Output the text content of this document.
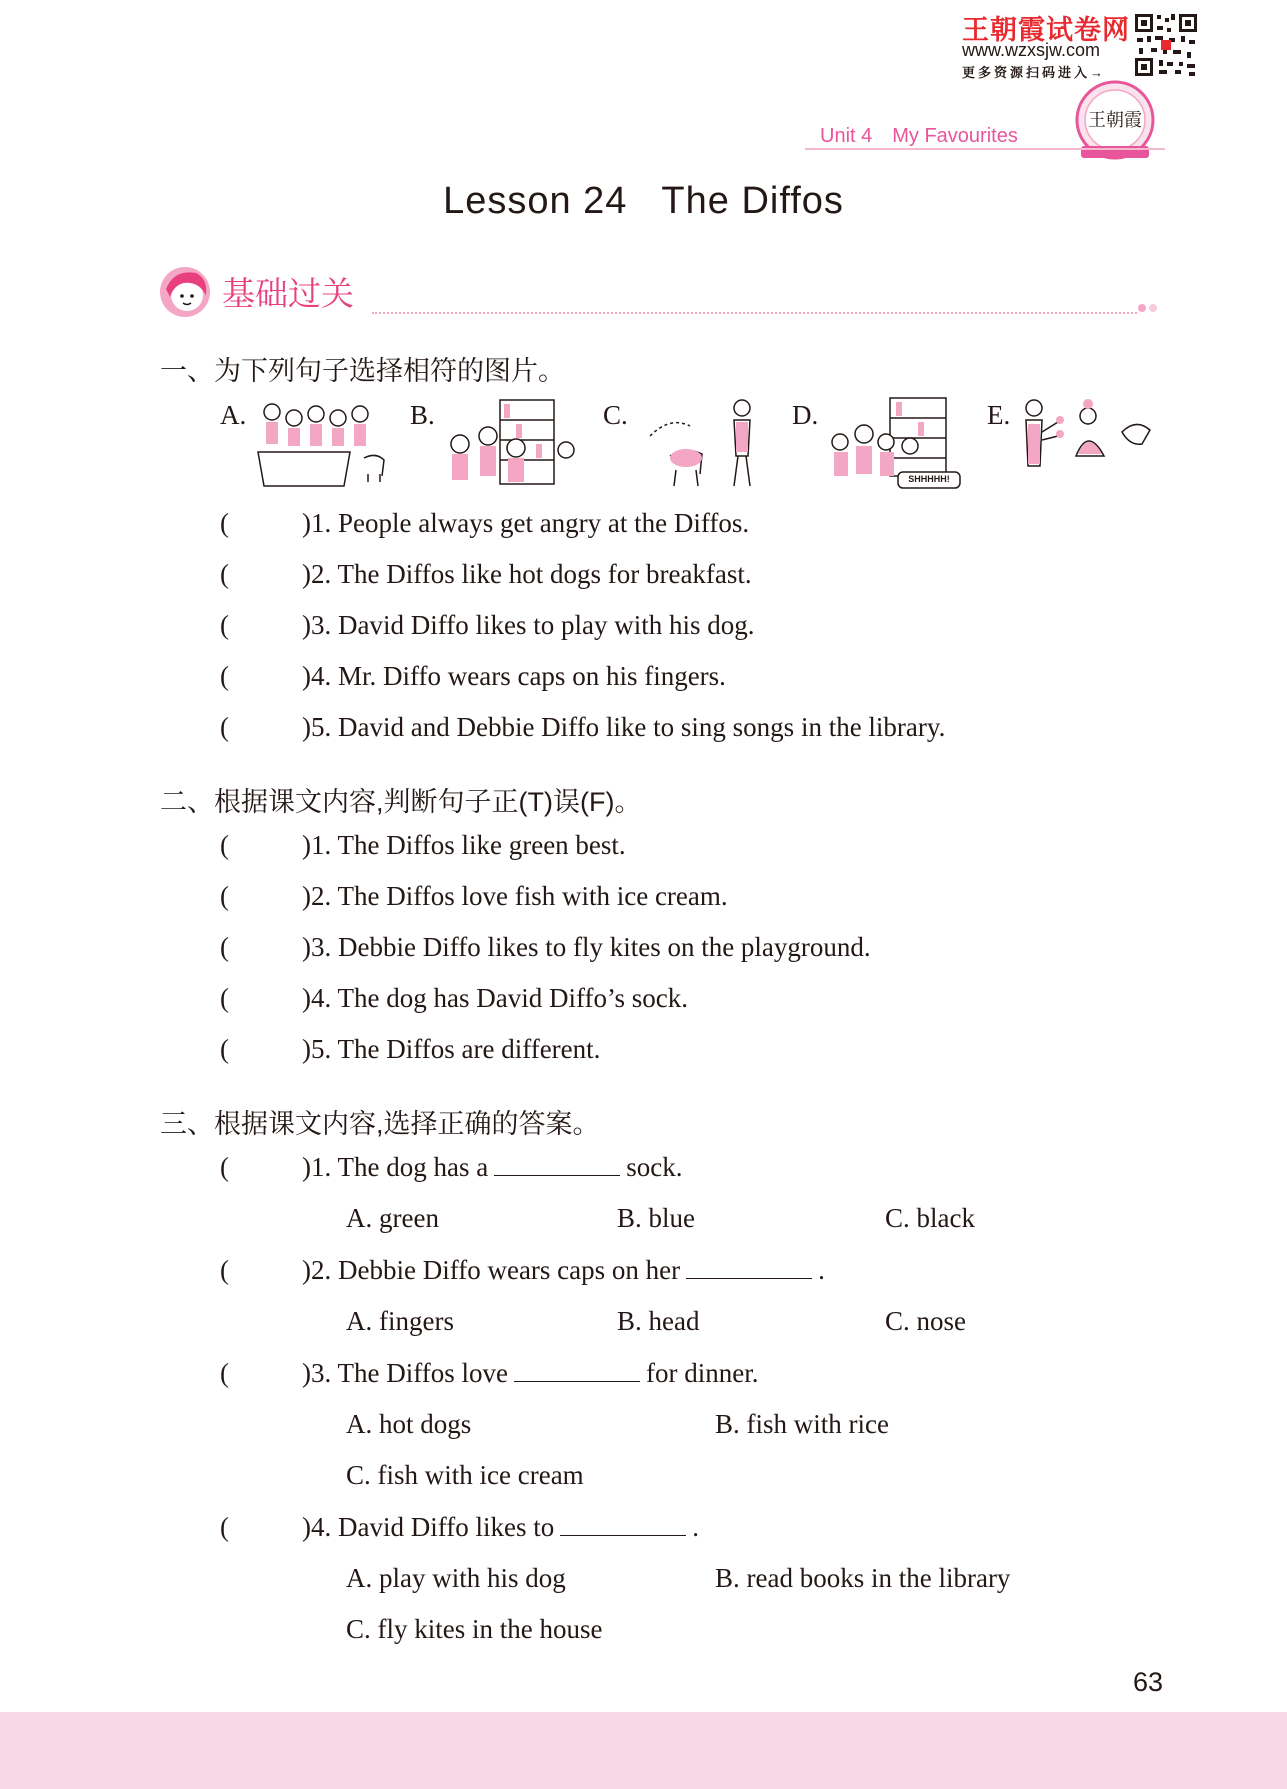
王朝霞试卷网
www.wzxsjw.com
更多资源扫码进入→
王朝霞
Unit 4 My Favourites
Lesson 24   The Diffos
基础过关
一、为下列句子选择相符的图片。
A.	B.	C.	D.
SHHHHH!
E.
(	)1. People always get angry at the Diffos.
(	)2. The Diffos like hot dogs for breakfast.
(	)3. David Diffo likes to play with his dog.
(	)4. Mr. Diffo wears caps on his fingers.
(	)5. David and Debbie Diffo like to sing songs in the library.
二、根据课文内容,判断句子正(T)误(F)。
(	)1. The Diffos like green best.
(	)2. The Diffos love fish with ice cream.
(	)3. Debbie Diffo likes to fly kites on the playground.
(	)4. The dog has David Diffo’s sock.
(	)5. The Diffos are different.
三、根据课文内容,选择正确的答案。
(	)1. The dog has a	sock.
A. green	B. blue	C. black
(	)2. Debbie Diffo wears caps on her	.
A. fingers	B. head	C. nose
(	)3. The Diffos love	for dinner.
A. hot dogs	B. fish with rice
C. fish with ice cream
(	)4. David Diffo likes to	.
A. play with his dog	B. read books in the library
C. fly kites in the house
63
